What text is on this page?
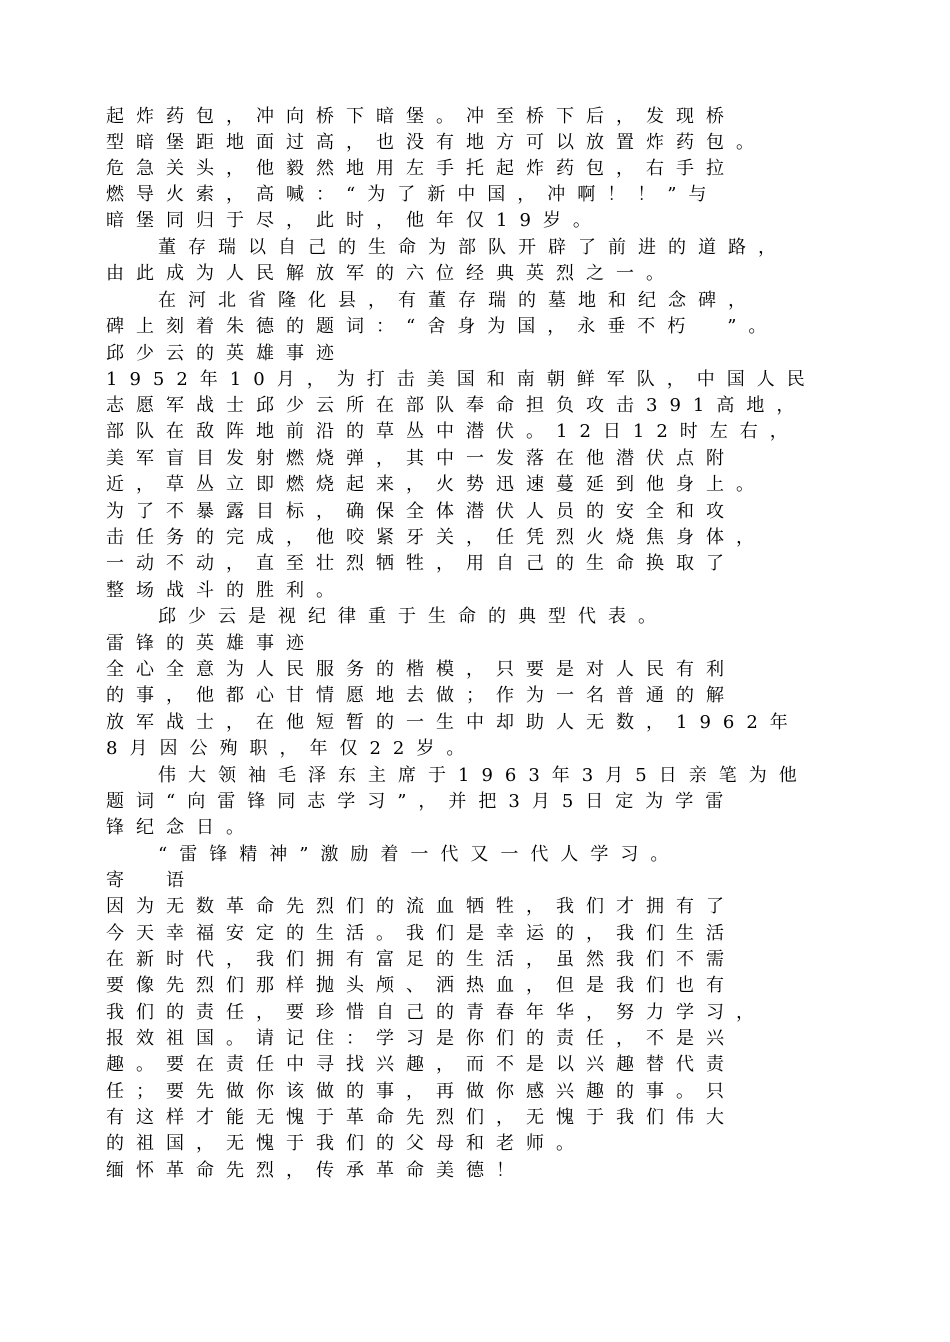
起炸药包，冲向桥下暗堡。冲至桥下后，发现桥
型暗堡距地面过高，也没有地方可以放置炸药包。
危急关头，他毅然地用左手托起炸药包，右手拉
燃导火索，高喊：“为了新中国，冲啊！！”与
暗堡同归于尽，此时，他年仅19岁。
董存瑞以自己的生命为部队开辟了前进的道路，
由此成为人民解放军的六位经典英烈之一。
在河北省隆化县，有董存瑞的墓地和纪念碑，
碑上刻着朱德的题词：“舍身为国，永垂不朽　”。
邱少云的英雄事迹
1952年10月，为打击美国和南朝鲜军队，中国人民
志愿军战士邱少云所在部队奉命担负攻击391高地，
部队在敌阵地前沿的草丛中潜伏。12日12时左右，
美军盲目发射燃烧弹，其中一发落在他潜伏点附
近，草丛立即燃烧起来，火势迅速蔓延到他身上。
为了不暴露目标，确保全体潜伏人员的安全和攻
击任务的完成，他咬紧牙关，任凭烈火烧焦身体，
一动不动，直至壮烈牺牲，用自己的生命换取了
整场战斗的胜利。
邱少云是视纪律重于生命的典型代表。
雷锋的英雄事迹
全心全意为人民服务的楷模，只要是对人民有利
的事，他都心甘情愿地去做；作为一名普通的解
放军战士，在他短暂的一生中却助人无数，1962年
8月因公殉职，年仅22岁。
伟大领袖毛泽东主席于1963年3月5日亲笔为他
题词“向雷锋同志学习”，并把3月5日定为学雷
锋纪念日。
“雷锋精神”激励着一代又一代人学习。
寄　语
因为无数革命先烈们的流血牺牲，我们才拥有了
今天幸福安定的生活。我们是幸运的，我们生活
在新时代，我们拥有富足的生活，虽然我们不需
要像先烈们那样抛头颅、洒热血，但是我们也有
我们的责任，要珍惜自己的青春年华，努力学习，
报效祖国。请记住：学习是你们的责任，不是兴
趣。要在责任中寻找兴趣，而不是以兴趣替代责
任；要先做你该做的事，再做你感兴趣的事。只
有这样才能无愧于革命先烈们，无愧于我们伟大
的祖国，无愧于我们的父母和老师。
缅怀革命先烈，传承革命美德！
